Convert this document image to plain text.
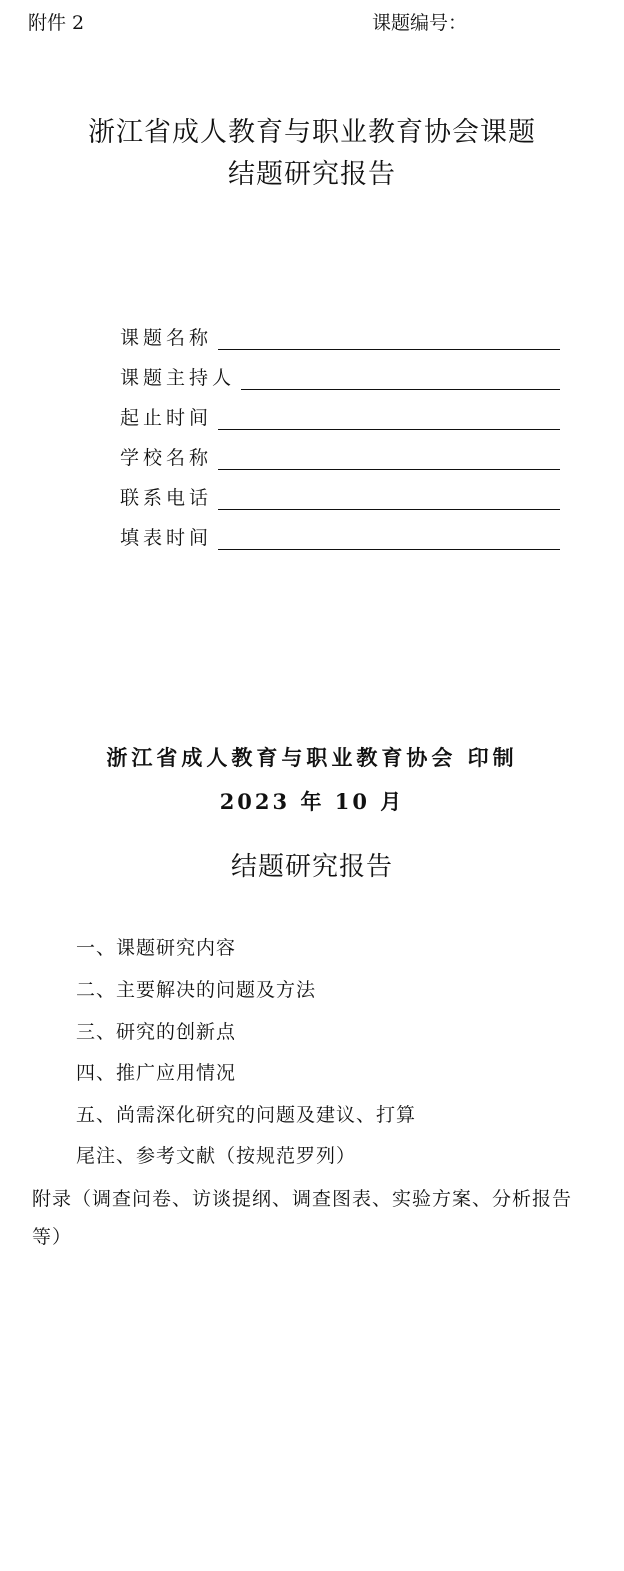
附件 2	课题编号：
浙江省成人教育与职业教育协会课题
结题研究报告
课题名称
课题主持人
起止时间
学校名称
联系电话
填表时间
浙江省成人教育与职业教育协会 印制
2023 年 10 月
结题研究报告
一、课题研究内容
二、主要解决的问题及方法
三、研究的创新点
四、推广应用情况
五、尚需深化研究的问题及建议、打算
尾注、参考文献（按规范罗列）
附录（调查问卷、访谈提纲、调查图表、实验方案、分析报告等）
